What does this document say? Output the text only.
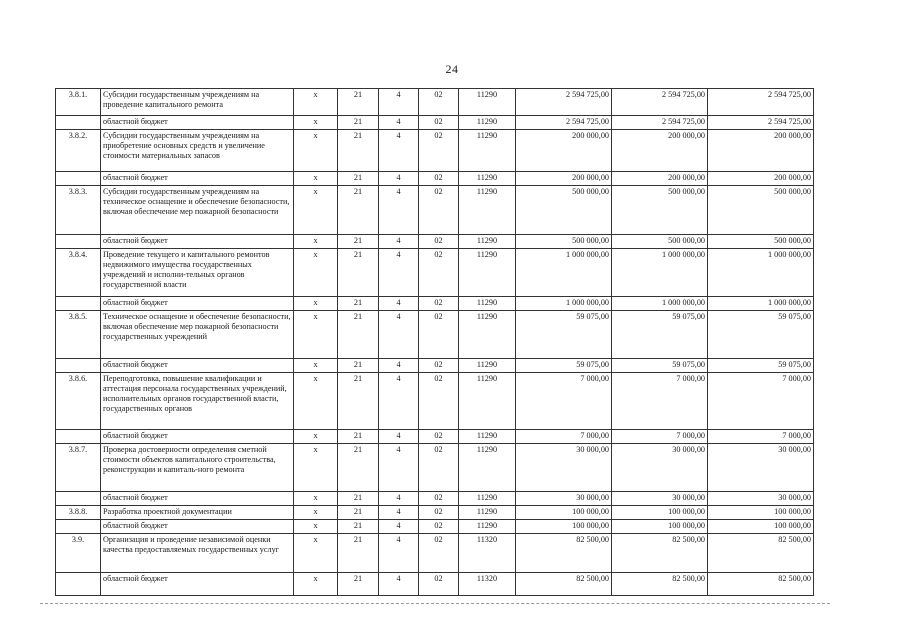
24
3.8.1.	Субсидии государственным учреждениям на проведение капитального ремонта	x	21	4	02	11290	2 594 725,00	2 594 725,00	2 594 725,00
	областной бюджет	x	21	4	02	11290	2 594 725,00	2 594 725,00	2 594 725,00
3.8.2.	Субсидии государственным учреждениям на приобретение основных средств и увеличение стоимости материальных запасов	x	21	4	02	11290	200 000,00	200 000,00	200 000,00
	областной бюджет	x	21	4	02	11290	200 000,00	200 000,00	200 000,00
3.8.3.	Субсидии государственным учреждениям на техническое оснащение и обеспечение безопасности, включая обеспечение мер пожарной безопасности	x	21	4	02	11290	500 000,00	500 000,00	500 000,00
	областной бюджет	x	21	4	02	11290	500 000,00	500 000,00	500 000,00
3.8.4.	Проведение текущего и капитального ремонтов недвижимого имущества государственных учреждений и исполни-тельных органов государственной власти	x	21	4	02	11290	1 000 000,00	1 000 000,00	1 000 000,00
	областной бюджет	x	21	4	02	11290	1 000 000,00	1 000 000,00	1 000 000,00
3.8.5.	Техническое оснащение и обеспечение безопасности, включая обеспечение мер пожарной безопасности государственных учреждений	x	21	4	02	11290	59 075,00	59 075,00	59 075,00
	областной бюджет	x	21	4	02	11290	59 075,00	59 075,00	59 075,00
3.8.6.	Переподготовка, повышение квалификации и аттестация персонала государственных учреждений, исполнительных органов государственной власти, государственных органов	x	21	4	02	11290	7 000,00	7 000,00	7 000,00
	областной бюджет	x	21	4	02	11290	7 000,00	7 000,00	7 000,00
3.8.7.	Проверка достоверности определения сметной стоимости объектов капитального строительства, реконструкции и капиталь-ного ремонта	x	21	4	02	11290	30 000,00	30 000,00	30 000,00
	областной бюджет	x	21	4	02	11290	30 000,00	30 000,00	30 000,00
3.8.8.	Разработка проектной документации	x	21	4	02	11290	100 000,00	100 000,00	100 000,00
	областной бюджет	x	21	4	02	11290	100 000,00	100 000,00	100 000,00
3.9.	Организация и проведение независимой оценки качества предоставляемых государственных услуг	x	21	4	02	11320	82 500,00	82 500,00	82 500,00
	областной бюджет	x	21	4	02	11320	82 500,00	82 500,00	82 500,00
